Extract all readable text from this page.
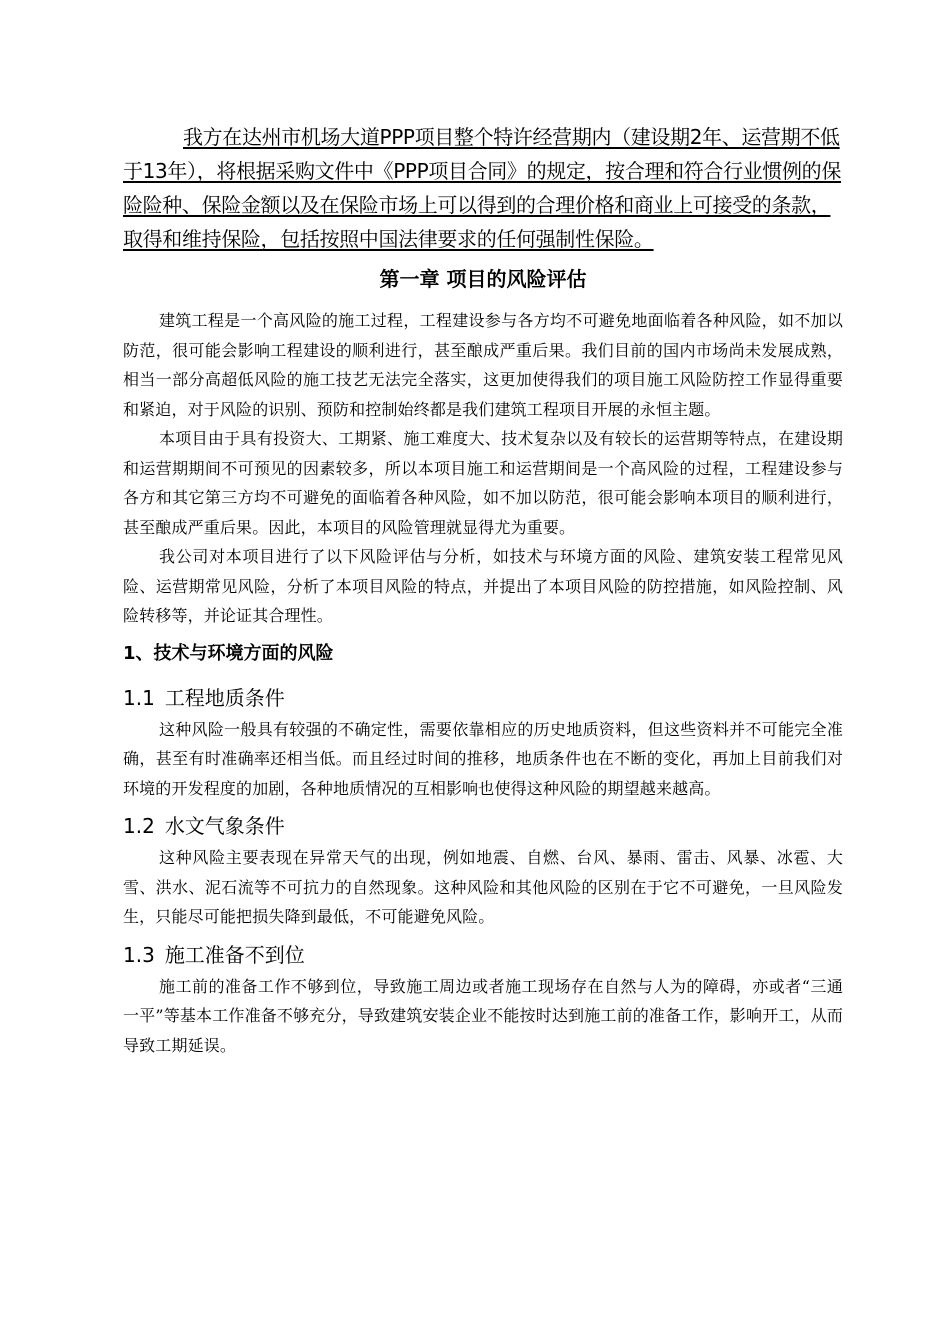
我方在达州市机场大道PPP项目整个特许经营期内（建设期2年、运营期不低于13年），将根据采购文件中《PPP项目合同》的规定，按合理和符合行业惯例的保险险种、保险金额以及在保险市场上可以得到的合理价格和商业上可接受的条款，取得和维持保险，包括按照中国法律要求的任何强制性保险。

第一章 项目的风险评估

建筑工程是一个高风险的施工过程，工程建设参与各方均不可避免地面临着各种风险，如不加以防范，很可能会影响工程建设的顺利进行，甚至酿成严重后果。我们目前的国内市场尚未发展成熟，相当一部分高超低风险的施工技艺无法完全落实，这更加使得我们的项目施工风险防控工作显得重要和紧迫，对于风险的识别、预防和控制始终都是我们建筑工程项目开展的永恒主题。

本项目由于具有投资大、工期紧、施工难度大、技术复杂以及有较长的运营期等特点，在建设期和运营期期间不可预见的因素较多，所以本项目施工和运营期间是一个高风险的过程，工程建设参与各方和其它第三方均不可避免的面临着各种风险，如不加以防范，很可能会影响本项目的顺利进行，甚至酿成严重后果。因此，本项目的风险管理就显得尤为重要。

我公司对本项目进行了以下风险评估与分析，如技术与环境方面的风险、建筑安装工程常见风险、运营期常见风险，分析了本项目风险的特点，并提出了本项目风险的防控措施，如风险控制、风险转移等，并论证其合理性。

1、技术与环境方面的风险
1.1 工程地质条件

这种风险一般具有较强的不确定性，需要依靠相应的历史地质资料，但这些资料并不可能完全准确，甚至有时准确率还相当低。而且经过时间的推移，地质条件也在不断的变化，再加上目前我们对环境的开发程度的加剧，各种地质情况的互相影响也使得这种风险的期望越来越高。

1.2 水文气象条件

这种风险主要表现在异常天气的出现，例如地震、自燃、台风、暴雨、雷击、风暴、冰雹、大雪、洪水、泥石流等不可抗力的自然现象。这种风险和其他风险的区别在于它不可避免，一旦风险发生，只能尽可能把损失降到最低，不可能避免风险。

1.3 施工准备不到位

施工前的准备工作不够到位，导致施工周边或者施工现场存在自然与人为的障碍，亦或者“三通一平”等基本工作准备不够充分，导致建筑安装企业不能按时达到施工前的准备工作，影响开工，从而导致工期延误。
